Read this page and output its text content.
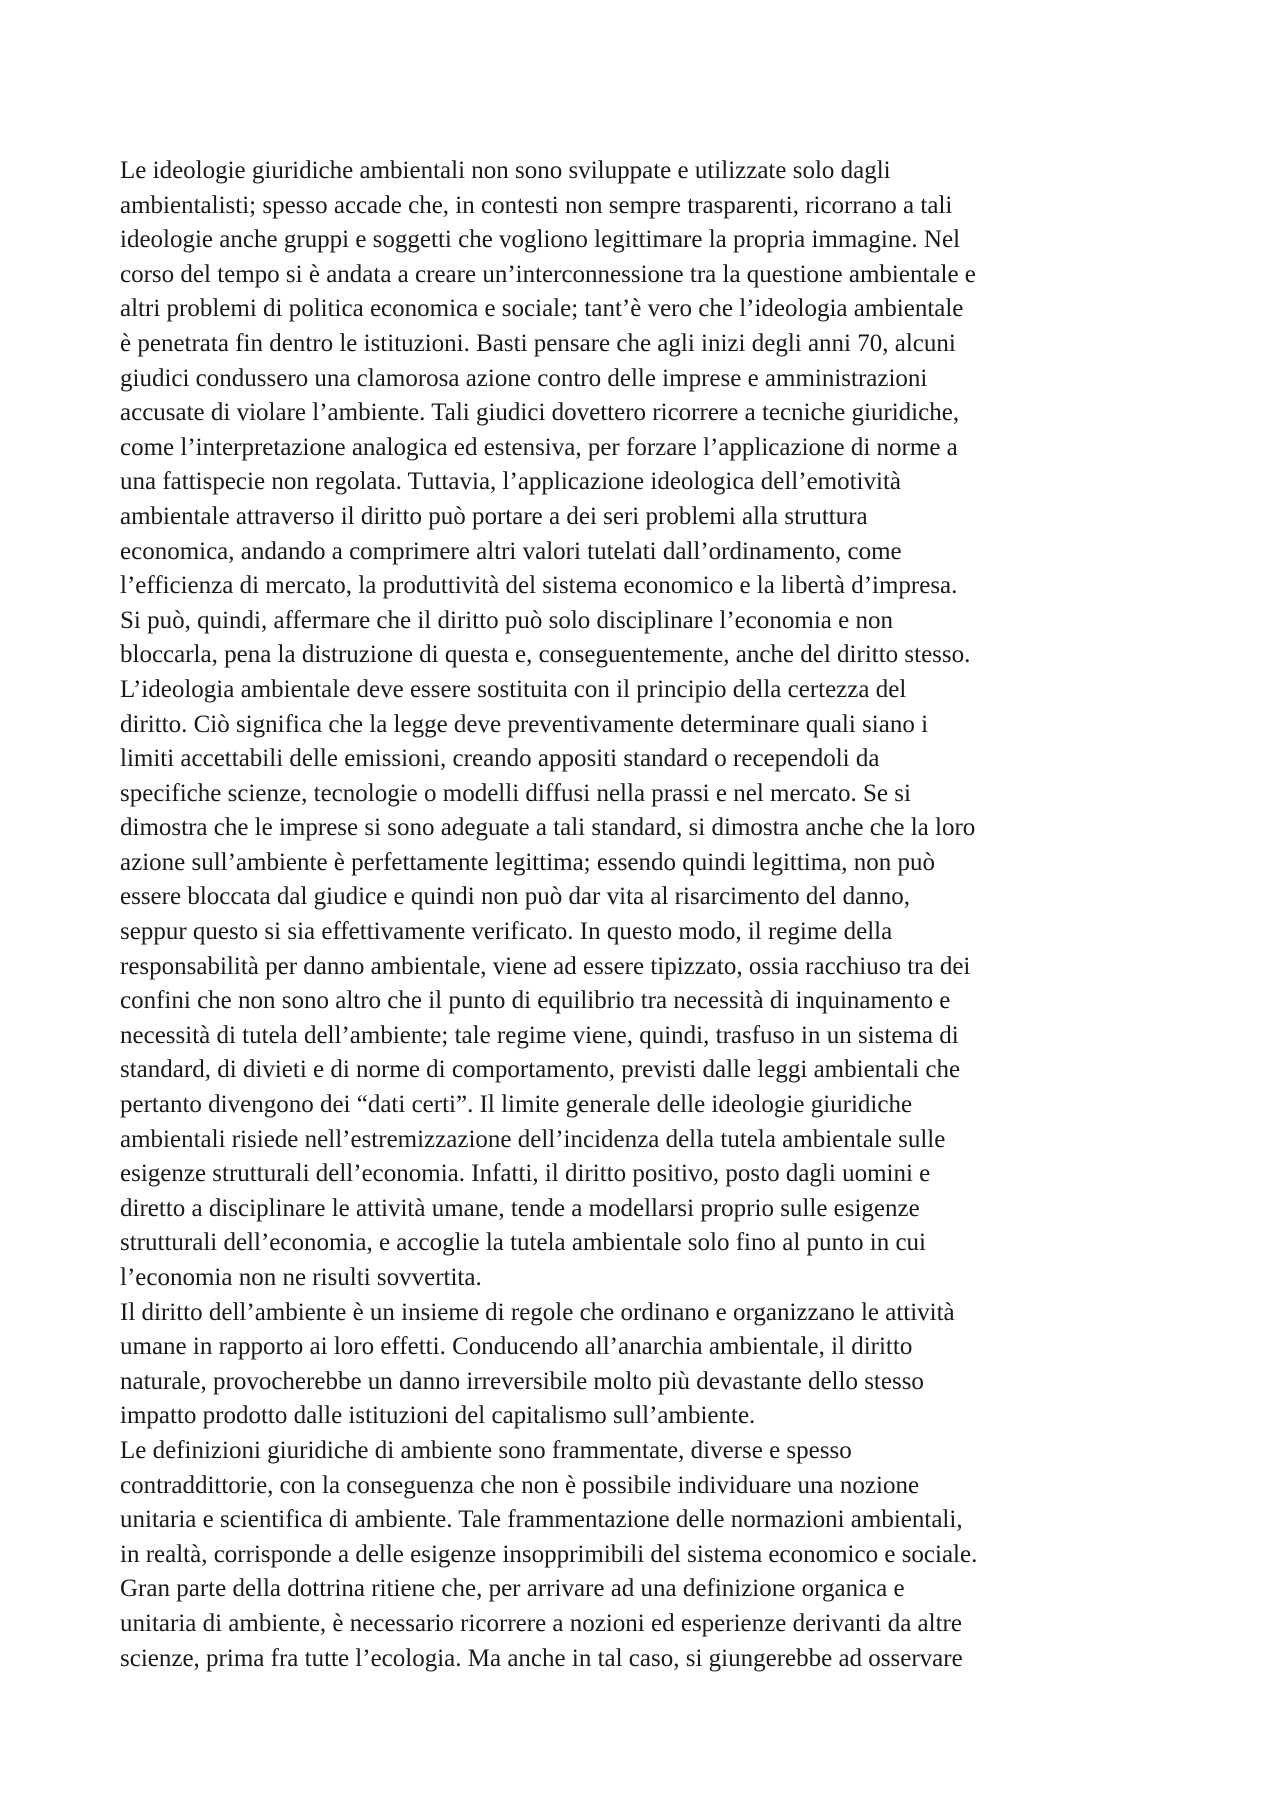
Le ideologie giuridiche ambientali non sono sviluppate e utilizzate solo dagli
ambientalisti; spesso accade che, in contesti non sempre trasparenti, ricorrano a tali
ideologie anche gruppi e soggetti che vogliono legittimare la propria immagine. Nel
corso del tempo si è andata a creare un’interconnessione tra la questione ambientale e
altri problemi di politica economica e sociale; tant’è vero che l’ideologia ambientale
è penetrata fin dentro le istituzioni. Basti pensare che agli inizi degli anni 70, alcuni
giudici condussero una clamorosa azione contro delle imprese e amministrazioni
accusate di violare l’ambiente. Tali giudici dovettero ricorrere a tecniche giuridiche,
come l’interpretazione analogica ed estensiva, per forzare l’applicazione di norme a
una fattispecie non regolata. Tuttavia, l’applicazione ideologica dell’emotività
ambientale attraverso il diritto può portare a dei seri problemi alla struttura
economica, andando a comprimere altri valori tutelati dall’ordinamento, come
l’efficienza di mercato, la produttività del sistema economico e la libertà d’impresa.
Si può, quindi, affermare che il diritto può solo disciplinare l’economia e non
bloccarla, pena la distruzione di questa e, conseguentemente, anche del diritto stesso.
L’ideologia ambientale deve essere sostituita con il principio della certezza del
diritto. Ciò significa che la legge deve preventivamente determinare quali siano i
limiti accettabili delle emissioni, creando appositi standard o recependoli da
specifiche scienze, tecnologie o modelli diffusi nella prassi e nel mercato. Se si
dimostra che le imprese si sono adeguate a tali standard, si dimostra anche che la loro
azione sull’ambiente è perfettamente legittima; essendo quindi legittima, non può
essere bloccata dal giudice e quindi non può dar vita al risarcimento del danno,
seppur questo si sia effettivamente verificato. In questo modo, il regime della
responsabilità per danno ambientale, viene ad essere tipizzato, ossia racchiuso tra dei
confini che non sono altro che il punto di equilibrio tra necessità di inquinamento e
necessità di tutela dell’ambiente; tale regime viene, quindi, trasfuso in un sistema di
standard, di divieti e di norme di comportamento, previsti dalle leggi ambientali che
pertanto divengono dei “dati certi”. Il limite generale delle ideologie giuridiche
ambientali risiede nell’estremizzazione dell’incidenza della tutela ambientale sulle
esigenze strutturali dell’economia. Infatti, il diritto positivo, posto dagli uomini e
diretto a disciplinare le attività umane, tende a modellarsi proprio sulle esigenze
strutturali dell’economia, e accoglie la tutela ambientale solo fino al punto in cui
l’economia non ne risulti sovvertita.
Il diritto dell’ambiente è un insieme di regole che ordinano e organizzano le attività
umane in rapporto ai loro effetti. Conducendo all’anarchia ambientale, il diritto
naturale, provocherebbe un danno irreversibile molto più devastante dello stesso
impatto prodotto dalle istituzioni del capitalismo sull’ambiente.
Le definizioni giuridiche di ambiente sono frammentate, diverse e spesso
contraddittorie, con la conseguenza che non è possibile individuare una nozione
unitaria e scientifica di ambiente. Tale frammentazione delle normazioni ambientali,
in realtà, corrisponde a delle esigenze insopprimibili del sistema economico e sociale.
Gran parte della dottrina ritiene che, per arrivare ad una definizione organica e
unitaria di ambiente, è necessario ricorrere a nozioni ed esperienze derivanti da altre
scienze, prima fra tutte l’ecologia. Ma anche in tal caso, si giungerebbe ad osservare
